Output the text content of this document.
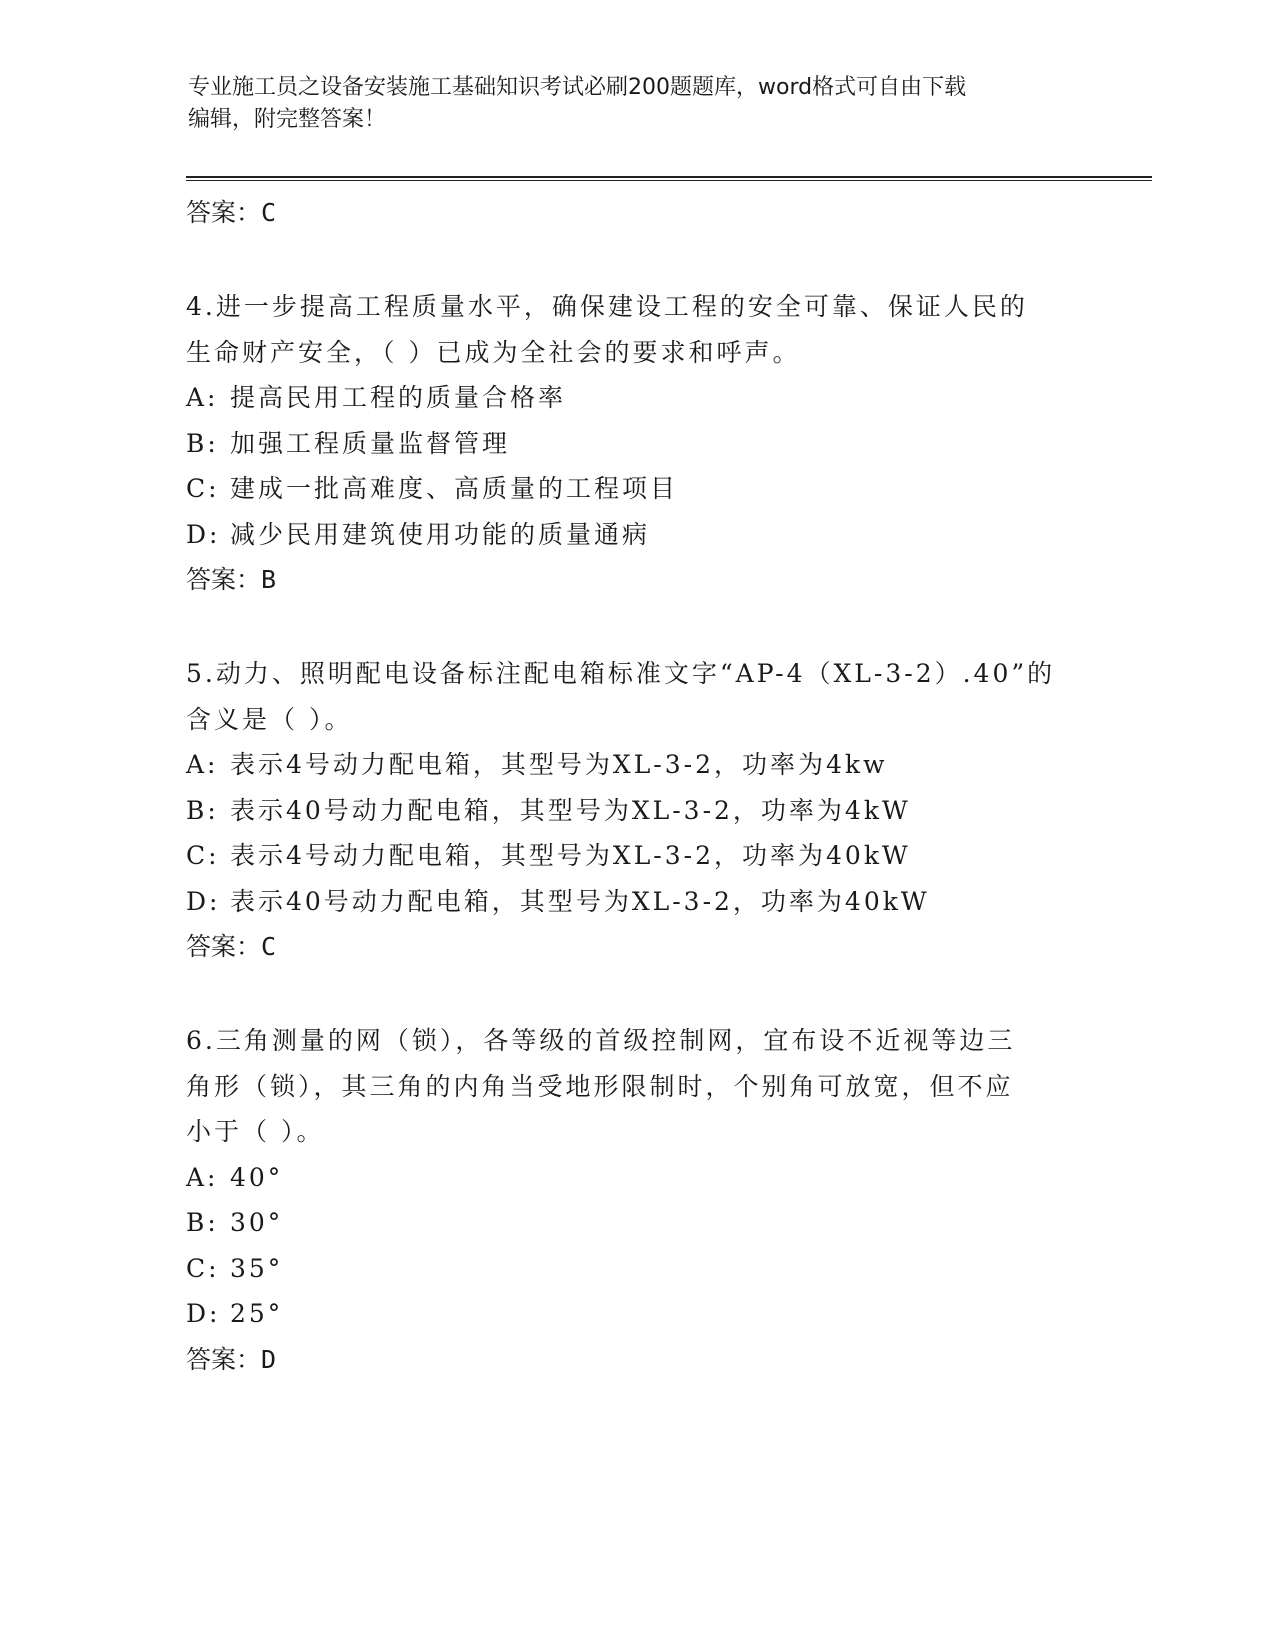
专业施工员之设备安装施工基础知识考试必刷200题题库，word格式可自由下载
编辑，附完整答案！
答案：C
4.进一步提高工程质量水平，确保建设工程的安全可靠、保证人民的
生命财产安全，（ ）已成为全社会的要求和呼声。
A: 提高民用工程的质量合格率
B: 加强工程质量监督管理
C: 建成一批高难度、高质量的工程项目
D: 减少民用建筑使用功能的质量通病
答案：B
5.动力、照明配电设备标注配电箱标准文字“AP-4（XL-3-2）.40”的
含义是（ ）。
A: 表示4号动力配电箱，其型号为XL-3-2，功率为4kw
B: 表示40号动力配电箱，其型号为XL-3-2，功率为4kW
C: 表示4号动力配电箱，其型号为XL-3-2，功率为40kW
D: 表示40号动力配电箱，其型号为XL-3-2，功率为40kW
答案：C
6.三角测量的网（锁），各等级的首级控制网，宜布设不近视等边三
角形（锁），其三角的内角当受地形限制时，个别角可放宽，但不应
小于（ ）。
A: 40°
B: 30°
C: 35°
D: 25°
答案：D
